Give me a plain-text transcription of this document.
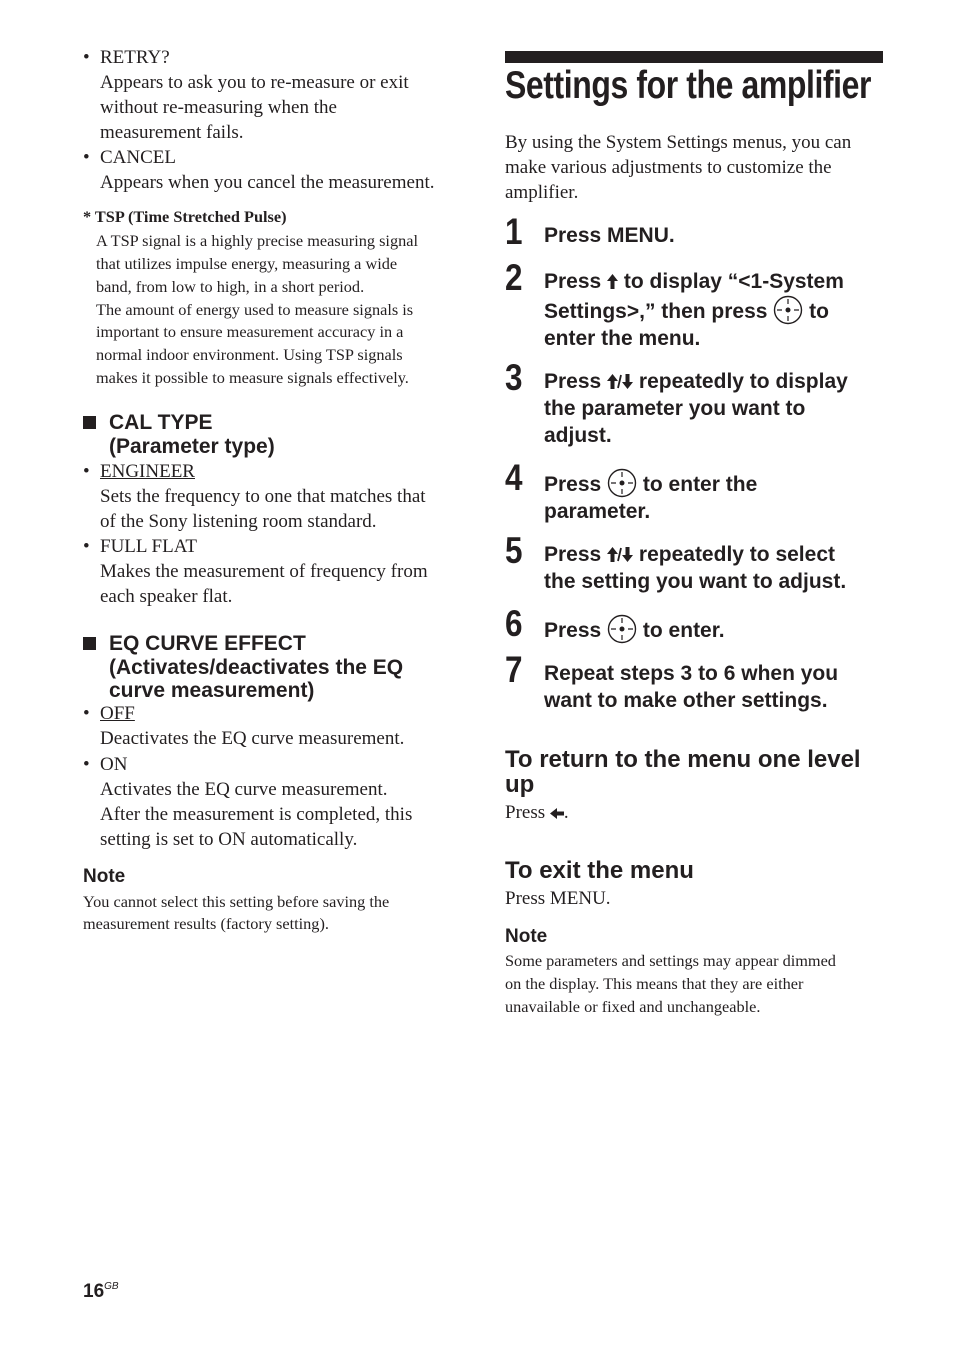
• RETRY?
Appears to ask you to re-measure or exit
without re-measuring when the
measurement fails.
• CANCEL
Appears when you cancel the measurement.
* TSP (Time Stretched Pulse)
A TSP signal is a highly precise measuring signal
that utilizes impulse energy, measuring a wide
band, from low to high, in a short period.
The amount of energy used to measure signals is
important to ensure measurement accuracy in a
normal indoor environment. Using TSP signals
makes it possible to measure signals effectively.
CAL TYPE
(Parameter type)
• ENGINEER
Sets the frequency to one that matches that
of the Sony listening room standard.
• FULL FLAT
Makes the measurement of frequency from
each speaker flat.
EQ CURVE EFFECT
(Activates/deactivates the EQ
curve measurement)
• OFF
Deactivates the EQ curve measurement.
• ON
Activates the EQ curve measurement.
After the measurement is completed, this
setting is set to ON automatically.
Note
You cannot select this setting before saving the
measurement results (factory setting).
Settings for the amplifier
By using the System Settings menus, you can
make various adjustments to customize the
amplifier.
1 Press MENU.
2 Press to display “<1-System
Settings>,” then press to
enter the menu.
3 Press repeatedly to display
the parameter you want to
adjust.
4 Press to enter the
parameter.
5 Press repeatedly to select
the setting you want to adjust.
6 Press to enter.
7 Repeat steps 3 to 6 when you
want to make other settings.
To return to the menu one level
up
Press .
To exit the menu
Press MENU.
Note
Some parameters and settings may appear dimmed
on the display. This means that they are either
unavailable or fixed and unchangeable.
$16^{GB}$
